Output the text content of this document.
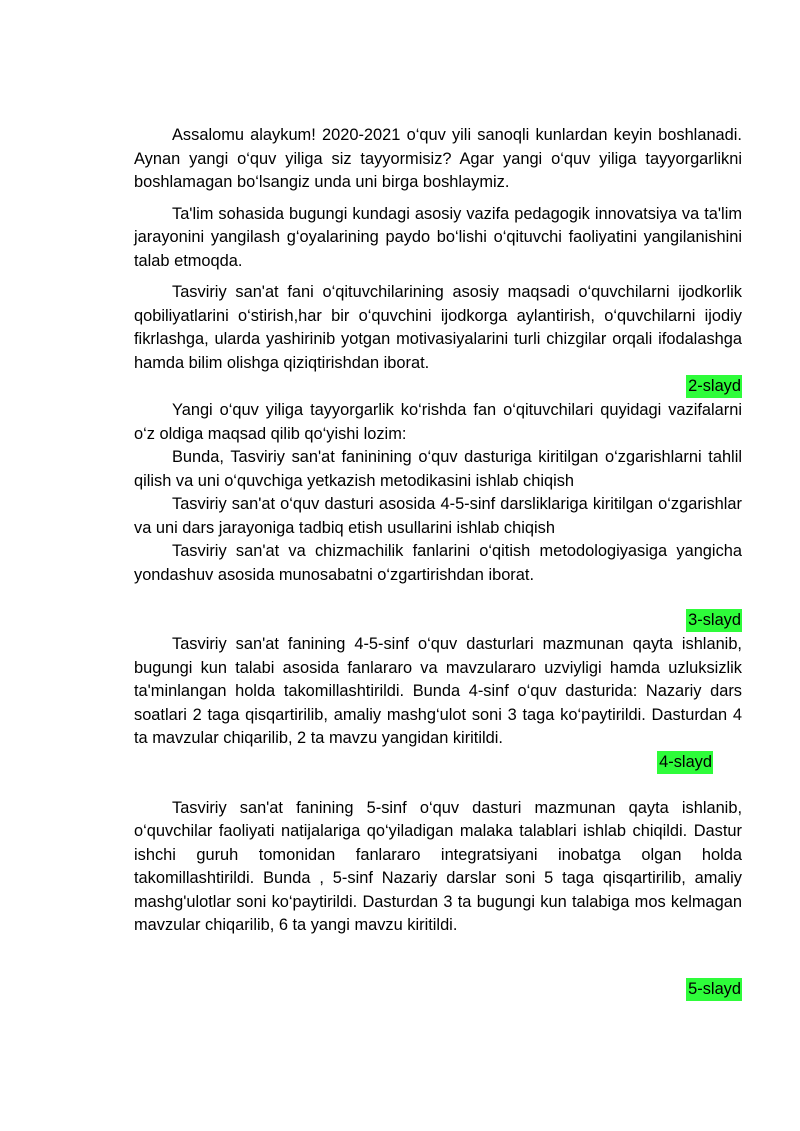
Assalomu alaykum! 2020-2021 o‘quv yili sanoqli kunlardan keyin boshlanadi. Aynan yangi o‘quv yiliga siz tayyormisiz? Agar yangi o‘quv yiliga tayyorgarlikni boshlamagan bo‘lsangiz unda uni birga boshlaymiz.

Ta'lim sohasida bugungi kundagi asosiy vazifa pedagogik innovatsiya va ta'lim jarayonini yangilash g‘oyalarining paydo bo‘lishi o‘qituvchi faoliyatini yangilanishini talab etmoqda.

Tasviriy san'at fani o‘qituvchilarining asosiy maqsadi o‘quvchilarni ijodkorlik qobiliyatlarini o‘stirish,har bir o‘quvchini ijodkorga aylantirish, o‘quvchilarni ijodiy fikrlashga, ularda yashirinib yotgan motivasiyalarini turli chizgilar orqali ifodalashga hamda bilim olishga qiziqtirishdan iborat.

2-slayd

Yangi o‘quv yiliga tayyorgarlik ko‘rishda fan o‘qituvchilari quyidagi vazifalarni o‘z oldiga maqsad qilib qo‘yishi lozim:

Bunda, Tasviriy san'at faninining o‘quv dasturiga kiritilgan o‘zgarishlarni tahlil qilish va uni o‘quvchiga yetkazish metodikasini ishlab chiqish

Tasviriy san'at o‘quv dasturi asosida 4-5-sinf darsliklariga kiritilgan o‘zgarishlar va uni dars jarayoniga tadbiq etish usullarini ishlab chiqish

Tasviriy san'at va chizmachilik fanlarini o‘qitish metodologiyasiga yangicha yondashuv asosida munosabatni o‘zgartirishdan iborat.

3-slayd

Tasviriy san'at fanining 4-5-sinf o‘quv dasturlari mazmunan qayta ishlanib, bugungi kun talabi asosida fanlararo va mavzulararo uzviyligi hamda uzluksizlik ta'minlangan holda takomillashtirildi. Bunda 4-sinf o‘quv dasturida: Nazariy dars soatlari 2 taga qisqartirilib, amaliy mashg‘ulot soni 3 taga ko‘paytirildi. Dasturdan 4 ta mavzular chiqarilib, 2 ta mavzu yangidan kiritildi.

4-slayd

Tasviriy san'at fanining 5-sinf o‘quv dasturi mazmunan qayta ishlanib, o‘quvchilar faoliyati natijalariga qo‘yiladigan malaka talablari ishlab chiqildi. Dastur ishchi guruh tomonidan fanlararo integratsiyani inobatga olgan holda takomillashtirildi. Bunda , 5-sinf Nazariy darslar soni 5 taga qisqartirilib, amaliy mashg'ulotlar soni ko‘paytirildi. Dasturdan 3 ta bugungi kun talabiga mos kelmagan mavzular chiqarilib, 6 ta yangi mavzu kiritildi.

5-slayd
